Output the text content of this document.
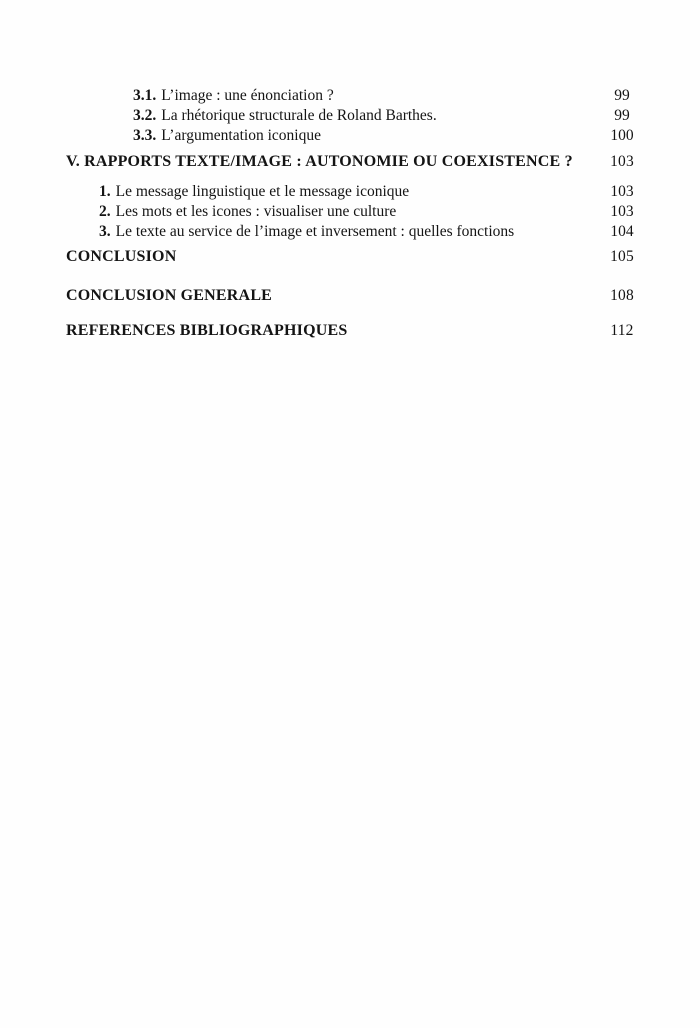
3.1. L’image : une énonciation ?	99
3.2. La rhétorique structurale de Roland Barthes.	99
3.3. L’argumentation iconique	100
V. RAPPORTS TEXTE/IMAGE : AUTONOMIE OU COEXISTENCE ?	103
1. Le message linguistique et le message iconique	103
2. Les mots et les icones : visualiser une culture	103
3. Le texte au service de l’image et inversement : quelles fonctions	104
CONCLUSION	105
CONCLUSION GENERALE	108
REFERENCES BIBLIOGRAPHIQUES	112
